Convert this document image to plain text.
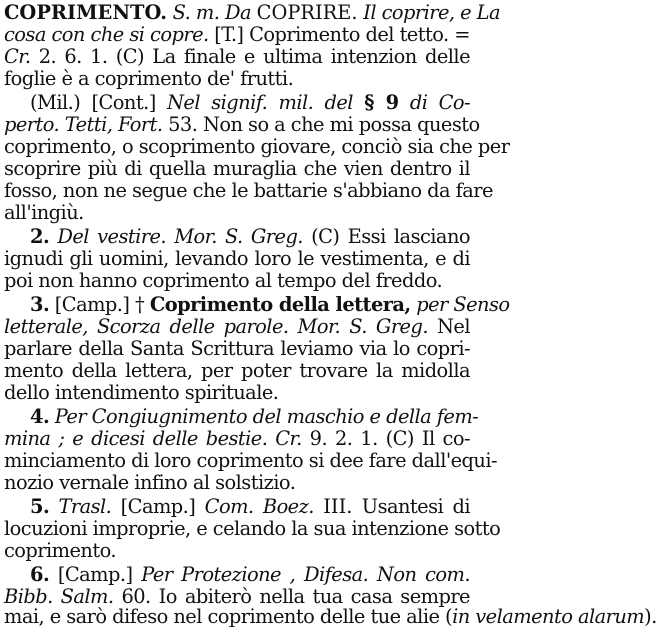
COPRIMENTO. S. m. Da COPRIRE. Il coprire, e La
cosa con che si copre. [T.] Coprimento del tetto. =
Cr. 2. 6. 1. (C) La finale e ultima intenzion delle
foglie è a coprimento de' frutti.
(Mil.) [Cont.] Nel signif. mil. del § 9 di Co-
perto. Tetti, Fort. 53. Non so a che mi possa questo
coprimento, o scoprimento giovare, conciò sia che per
scoprire più di quella muraglia che vien dentro il
fosso, non ne segue che le battarie s'abbiano da fare
all'ingiù.
2. Del vestire. Mor. S. Greg. (C) Essi lasciano
ignudi gli uomini, levando loro le vestimenta, e di
poi non hanno coprimento al tempo del freddo.
3. [Camp.] † Coprimento della lettera, per Senso
letterale, Scorza delle parole. Mor. S. Greg. Nel
parlare della Santa Scrittura leviamo via lo copri-
mento della lettera, per poter trovare la midolla
dello intendimento spirituale.
4. Per Congiugnimento del maschio e della fem-
mina ; e dicesi delle bestie. Cr. 9. 2. 1. (C) Il co-
minciamento di loro coprimento si dee fare dall'equi-
nozio vernale infino al solstizio.
5. Trasl. [Camp.] Com. Boez. III. Usantesi di
locuzioni improprie, e celando la sua intenzione sotto
coprimento.
6. [Camp.] Per Protezione , Difesa. Non com.
Bibb. Salm. 60. Io abiterò nella tua casa sempre
mai, e sarò difeso nel coprimento delle tue alie (in velamento alarum).
